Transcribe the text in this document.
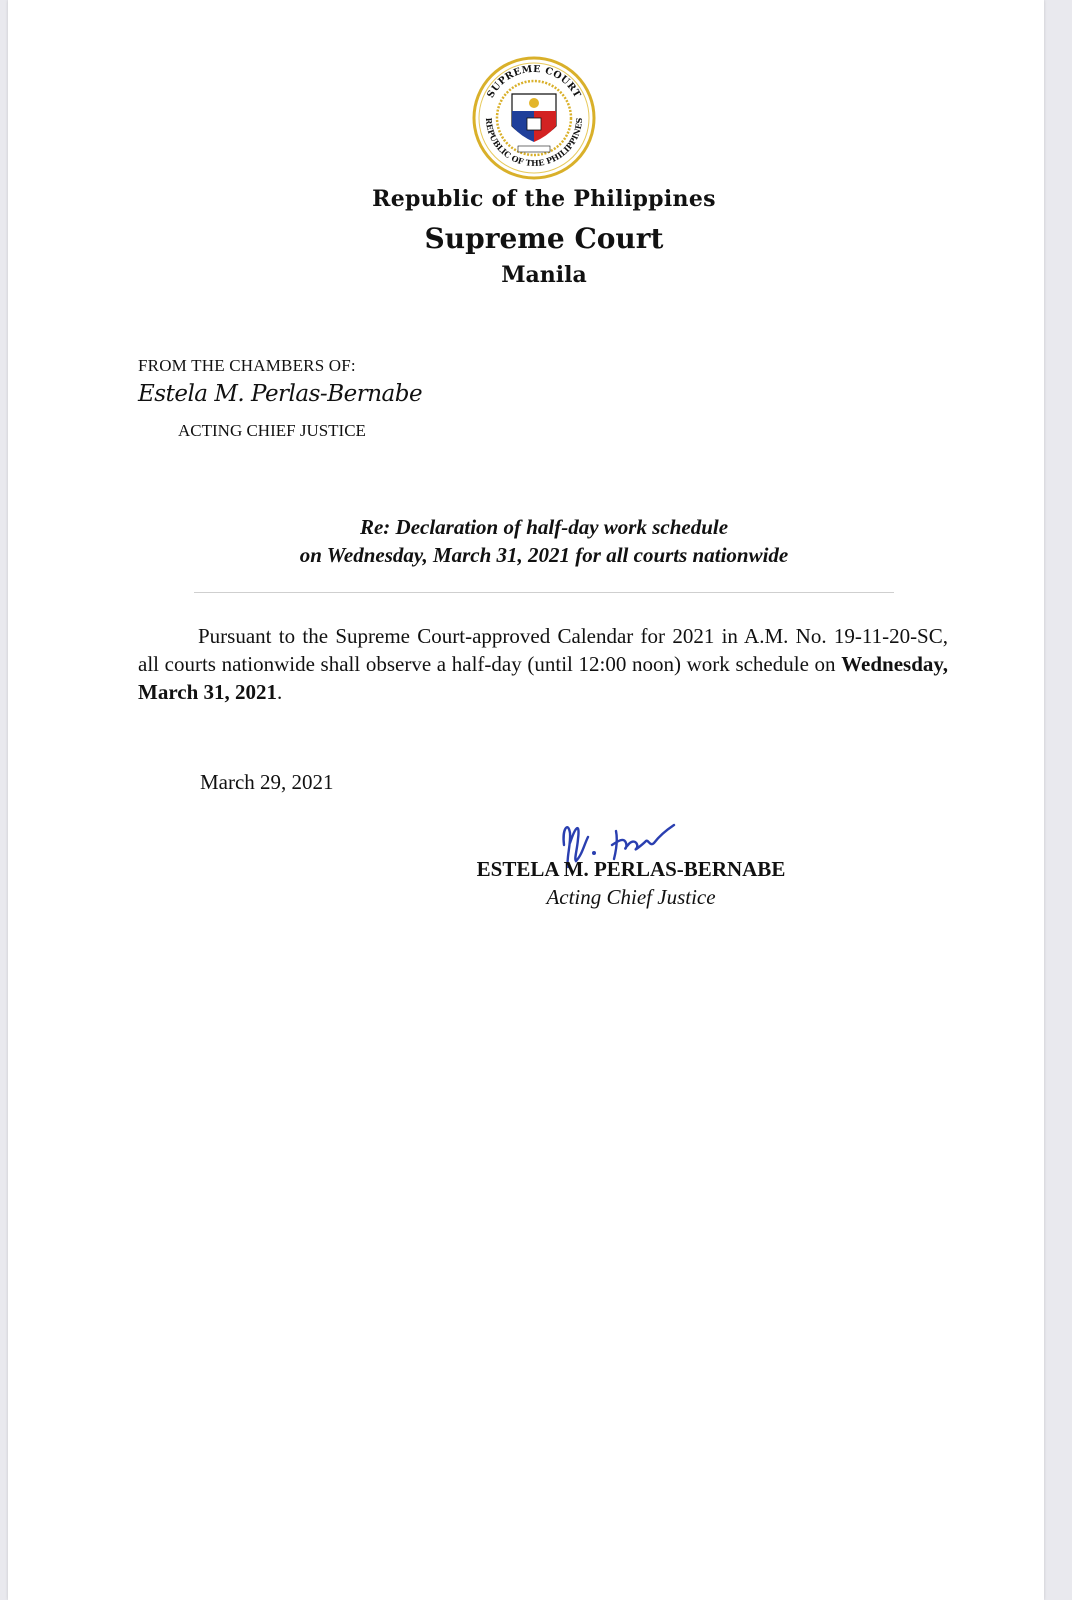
SUPREME COURT
REPUBLIC OF THE PHILIPPINES
Republic of the Philippines
Supreme Court
Manila
FROM THE CHAMBERS OF:
Estela M. Perlas-Bernabe
ACTING CHIEF JUSTICE
Re: Declaration of half-day work schedule
on Wednesday, March 31, 2021 for all courts nationwide
Pursuant to the Supreme Court-approved Calendar for 2021 in A.M. No. 19-11-20-SC, all courts nationwide shall observe a half-day (until 12:00 noon) work schedule on Wednesday, March 31, 2021.
March 29, 2021
ESTELA M. PERLAS-BERNABE
Acting Chief Justice
